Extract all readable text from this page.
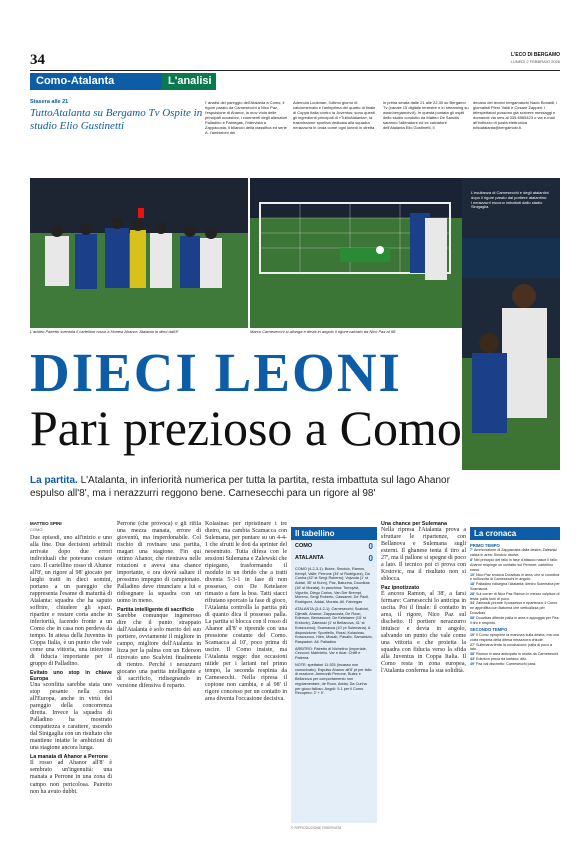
34	L'ECO DI BERGAMO
LUNEDÌ 2 FEBBRAIO 2026
Como-Atalanta	L'analisi
Stasera alle 21
TuttoAtalanta su Bergamo Tv Ospite in studio Elio Gustinetti
I' analisi del pareggio dell'Atalanta a Como, il rigore parato da Carnesecchi a Nico Paz, l'espulsione di Ahanor, la mov viola delle principali occasioni, i commenti degli allenatori Palladino e Fabregas, l'intervista a Zappacosta, il bilancio della classifica ed serie A. I'ambizioni dei
Ademola Lookman, l'ultimo giorno di calciomercato e l'anteprima del quarto di finale di Coppa Italia contro la Juventus: sono questi gli ingredienti principali di «TuttoAtalanta», la trasmissione sportiva dedicata alla squadra nerazzurra in onda come ogni lunedì in diretta
in prima serata dalle 21 alle 22,30 su Bergamo Tv (canale 15 digitale terrestre e in streaming su www.bergamotv.it). In questa puntata gli ospiti dello studio condotto da Matteo De Sanctis saranno l'allenatore ed ex calciatore dell'Atalanta Elio Gustinetti, il
decano dei tecnici bergamaschi Nado Bonaldi, i giornalisti Piero Valdi e Cesare Zapperi. I telespettatori possono già scrivere messaggi e domande via sms al 335.6965423 o via e-mail all'indirizzo di posta elettronica tuttoatalanta@bergamotv.it.
L'arbitro Pairetto sventola il cartellino rosso a Honest Ahanor: Atalanta in dieci dall'8'	Marco Carnesecchi si allunga e devia in angolo il rigore calciato da Nico Paz al 98'
L'esultanza di Carnesecchi e degli atalantini dopo il rigore parato dal portiere atalantino: i nerazzurri escono imbattuti dallo stadio Sinigaglia
DIECI LEONI
Pari prezioso a Como
La partita. L'Atalanta, in inferiorità numerica per tutta la partita, resta imbattuta sul lago Ahanor espulso all'8', ma i nerazzurri reggono bene. Carnesecchi para un rigore al 98'
MATTEO SPINI
COMO
Due episodi, uno all'inizio e uno alla fine. Due decisioni arbitrali arrivate dopo due errori individuali che potevano costare caro. Il cartellino rosso di Ahanor all'8', un rigore al 98' giocato per larghi tratti in dieci uomini, portano a un pareggio che rappresenta l'esame di maturità di Atalanta: squadra che ha saputo soffrire, chiudere gli spazi, ripartire e restare corta anche in inferiorità, facendo fronte a un Como che in casa non perdeva da tempo. In attesa della Juventus in Coppa Italia, è un punto che vale come una vittoria, una iniezione di fiducia importante per il gruppo di Palladino.
Evitato uno stop in chiave Europa
Una sconfitta sarebbe stata uno stop pesante nella corsa all'Europa, anche in virtù del pareggio della concorrenza diretta. Invece la squadra di Palladino ha mostrato compattezza e carattere, uscendo dal Sinigaglia con un risultato che mantiene intatte le ambizioni di una stagione ancora lunga.
La manata di Ahanor a Perrone
Il rosso ad Ahanor all'8' è sembrato un'ingenuità: una manata a Perrone in una zona di campo non pericolosa. Pairetto non ha avuto dubbi.
Perrone (che provoca) e gli rifila una mezza manata, errore di gioventù, ma imperdonabile. Col rischio di rovinare una partita, magari una stagione. Fin qui ottimo Ahanor, che rientrava nelle rotazioni e aveva una chance importante, e ora dovrà saltare il prossimo impegno di campionato. Palladino deve rinunciare a lui e ridisegnare la squadra con un uomo in meno.
Partita intelligente di sacrificio
Sarebbe comunque ingeneroso dire che il punto strappato dall'Atalanta è solo merito del suo portiere, ovviamente il migliore in campo, migliore dell'Atalanta in lizza per la palma con un Ederson ritrovato uno Scalvini finalmente di rientro. Perché i nerazzurri giocano una partita intelligente e di sacrificio, ridisegnando in versione difensiva il reparto.
Kolasinac per ripristinare i tre dietro, ma cambia Scamacca con Sulemana, per puntare su un 4-4-1 che sfrutti le doti da sprinter del neoentrato. Tutta difesa con le sessioni Sulemana e Zalewski che ripiegano, trasformando il modulo in un ibrido che a tratti diventa 5-3-1 in fase di non possesso, con De Ketelaere rimasto a fare la boa. Tatti stacci rifiutano sporcato la fase di gioco, l'Atalanta controlla la partita più di quanto dica il possesso palla. La partita si blocca con il rosso di Ahanor all'8' e riprende con una pressione costante del Como. Scamacca al 10', poco prima di uscire. Il Como insiste, ma l'Atalanta regge: due occasioni nitide per i lariani nel primo tempo, la seconda respinta da Carnesecchi. Nella ripresa il copione non cambia, e al 98' il rigore concesso per un contatto in area diventa l'occasione decisiva.
Il tabellino
COMO	0
ATALANTA	0

COMO (4-2-3-1): Butez; Smolcic, Ramon, Kempf, Valle; Perrone (34' st Rodriguez), Da Cunha (42' st Sergi Roberto); Vojvoda (1' st Addai, 35' st Kuhn), Paz, Baturina, Douvikas (16' st Morata). In panchina: Tornqvist, Vigorito, Diego Carlos, Van Der Brempt, Moreno, Sergi Roberto, Cassanet, De Paoli. Rodriguez, Addai, Morata. All. Fabregas

ATALANTA (3-4-2-1): Carnesecchi; Scalvini, Djimsiti, Ahanor; Zappacosta, De Roon, Ederson, Bernasconi; De Ketelaere (15' st Krstovic), Zalewski (1' st Bellanova, 41' st Kossounou); Scamacca (10' pt Sulemana). A disposizione: Sportiello, Rossi, Kolasinac, Kossounou, Hien, Musah, Pasalic, Samardzic, Raspadori. All. Palladino

ARBITRO: Pairetto di Nichelino (Imperiale, Cecconi; Mariniello. Var e Avar: Chiffi e Paterna.

NOTE: spettatori 11.925 (incasso non comunicato). Espulso Ahanor all'8' pt per fallo di reazione. Ammoniti Perrone, Butez e Bellanova per comportamento non regolamentare, de Roon, Addai, Da Cunha per gioco falloso. Angoli: 9-1 per il Como. Recupero: 2' + 9'.

Una chance per Sulemana
Nella ripresa l'Atalanta prova a sfruttare le ripartenze, con Bellanova e Sulemana sugli esterni. Il ghanese tenta il tiro al 27', ma il pallone si spegne di poco a lato. Il tecnico poi ci prova con Krstovic, ma il risultato non si sblocca.
Paz ipnotizzato
È ancora Ramon, al 38', a farsi fermare: Carnesecchi lo anticipa in uscita. Poi il finale: il contatto in area, il rigore, Nico Paz sul dischetto. Il portiere nerazzurro intuisce e devia in angolo, salvando un punto che vale come una vittoria e che proietta la squadra con fiducia verso la sfida alla Juventus in Coppa Italia. Il Como resta in zona europea, l'Atalanta conferma la sua solidità.
La cronaca
PRIMO TEMPO

7' Ammonizione di Zappacosta dalla destra, Zalewski calcia in area: Smolcic risolve.

8' Nel principio del fallo in fase d'attacco nasce il fallo: Ahanor respinge un contatto sul Perrone: cartellino rosso.

10' Nico Paz smarca Douvikas in area, che si coordina e sull'uscita di Carnesecchi in angolo.

18' Palladino ridisegna l'Atalanta: dentro Sulemana per Scamacca.

28' Sul corner di Nico Paz Ramon in mezzo colpisce di testa: palla fuori di poco.

34' Zalewski prende il possesso e ripartenza: il Como ne approfitta con Baturina che verticalizza per Douvikas.

38' Douvikas difende palla in area e appoggia per Paz: il tiro è respinto.

SECONDO TEMPO

19' Il Como ripropone la manovra sulla destra, ma una corta respinta della difesa nerazzurra chiude.

27' Sulemana tenta la conclusione: palla di poco a lato.

38' Ramon in area anticipato in uscita da Carnesecchi.

43' Ederson prova da lontano: alto.

49' Paz dal dischetto: Carnesecchi para.

© RIPRODUZIONE RISERVATA
